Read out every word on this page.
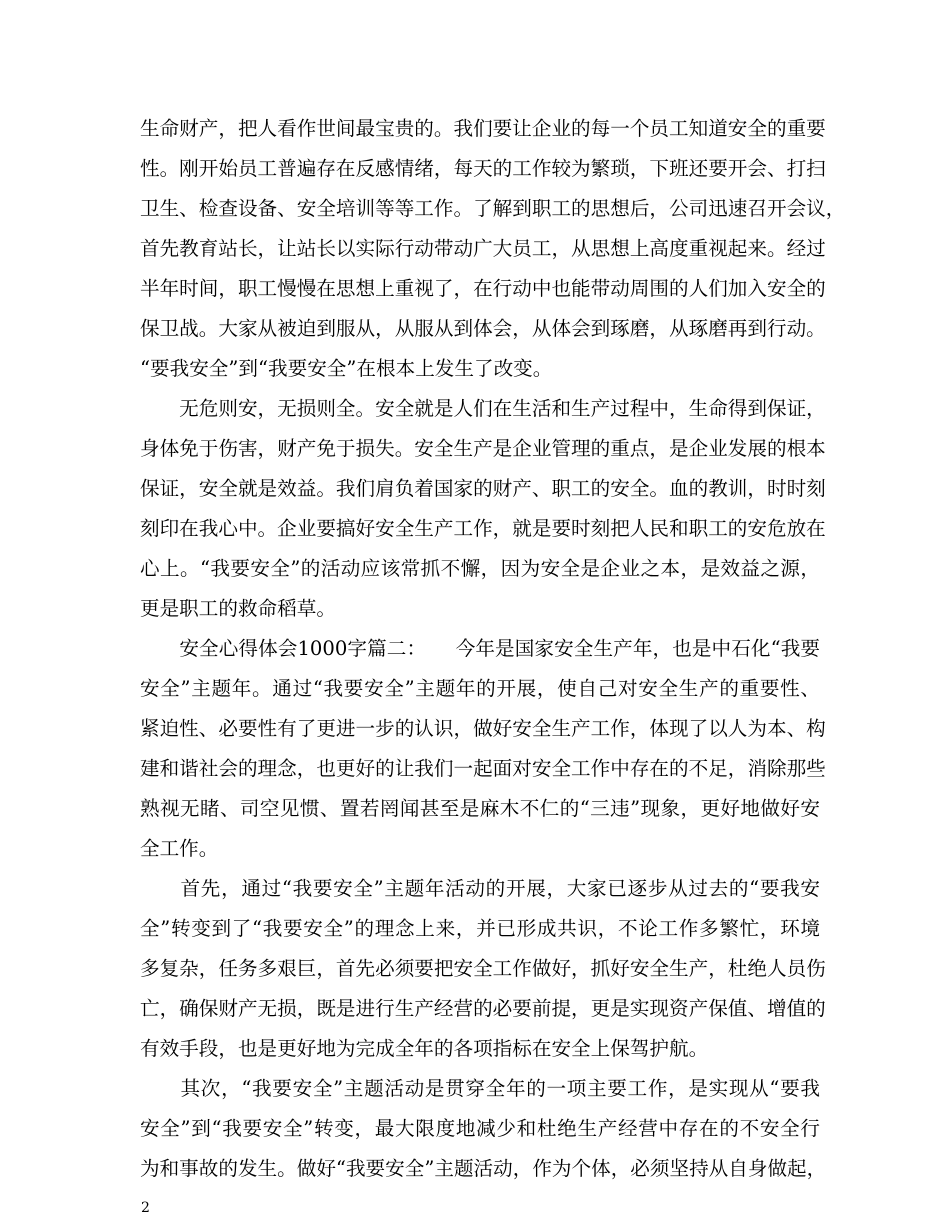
生命财产，把人看作世间最宝贵的。我们要让企业的每一个员工知道安全的重要
性。刚开始员工普遍存在反感情绪，每天的工作较为繁琐，下班还要开会、打扫
卫生、检查设备、安全培训等等工作。了解到职工的思想后，公司迅速召开会议，
首先教育站长，让站长以实际行动带动广大员工，从思想上高度重视起来。经过
半年时间，职工慢慢在思想上重视了，在行动中也能带动周围的人们加入安全的
保卫战。大家从被迫到服从，从服从到体会，从体会到琢磨，从琢磨再到行动。
“要我安全”到“我要安全”在根本上发生了改变。
　　无危则安，无损则全。安全就是人们在生活和生产过程中，生命得到保证，
身体免于伤害，财产免于损失。安全生产是企业管理的重点，是企业发展的根本
保证，安全就是效益。我们肩负着国家的财产、职工的安全。血的教训，时时刻
刻印在我心中。企业要搞好安全生产工作，就是要时刻把人民和职工的安危放在
心上。“我要安全”的活动应该常抓不懈，因为安全是企业之本，是效益之源，
更是职工的救命稻草。
　　安全心得体会1000字篇二：　　今年是国家安全生产年，也是中石化“我要
安全”主题年。通过“我要安全”主题年的开展，使自己对安全生产的重要性、
紧迫性、必要性有了更进一步的认识，做好安全生产工作，体现了以人为本、构
建和谐社会的理念，也更好的让我们一起面对安全工作中存在的不足，消除那些
熟视无睹、司空见惯、置若罔闻甚至是麻木不仁的“三违”现象，更好地做好安
全工作。
　　首先，通过“我要安全”主题年活动的开展，大家已逐步从过去的“要我安
全”转变到了“我要安全”的理念上来，并已形成共识，不论工作多繁忙，环境
多复杂，任务多艰巨，首先必须要把安全工作做好，抓好安全生产，杜绝人员伤
亡，确保财产无损，既是进行生产经营的必要前提，更是实现资产保值、增值的
有效手段，也是更好地为完成全年的各项指标在安全上保驾护航。
　　其次，“我要安全”主题活动是贯穿全年的一项主要工作，是实现从“要我
安全”到“我要安全”转变，最大限度地减少和杜绝生产经营中存在的不安全行
为和事故的发生。做好“我要安全”主题活动，作为个体，必须坚持从自身做起，
2
